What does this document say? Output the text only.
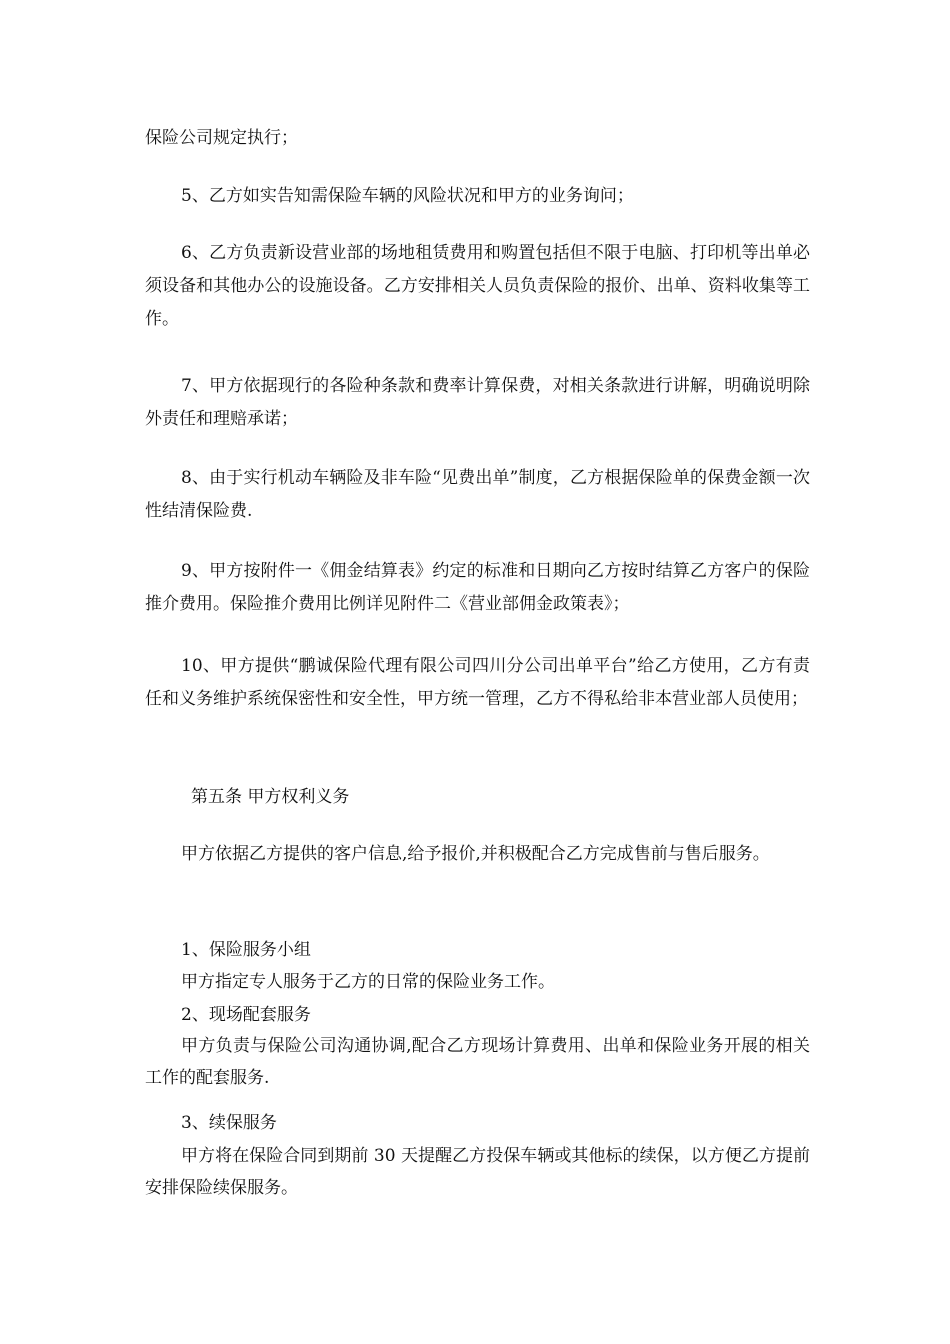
保险公司规定执行；

5、乙方如实告知需保险车辆的风险状况和甲方的业务询问；

6、乙方负责新设营业部的场地租赁费用和购置包括但不限于电脑、打印机等出单必须设备和其他办公的设施设备。乙方安排相关人员负责保险的报价、出单、资料收集等工作。

7、甲方依据现行的各险种条款和费率计算保费，对相关条款进行讲解，明确说明除外责任和理赔承诺；

8、由于实行机动车辆险及非车险“见费出单”制度，乙方根据保险单的保费金额一次性结清保险费.

9、甲方按附件一《佣金结算表》约定的标准和日期向乙方按时结算乙方客户的保险推介费用。保险推介费用比例详见附件二《营业部佣金政策表》；

10、甲方提供“鹏诚保险代理有限公司四川分公司出单平台”给乙方使用，乙方有责任和义务维护系统保密性和安全性，甲方统一管理，乙方不得私给非本营业部人员使用；

第五条 甲方权利义务

甲方依据乙方提供的客户信息,给予报价,并积极配合乙方完成售前与售后服务。

1、保险服务小组

甲方指定专人服务于乙方的日常的保险业务工作。

2、现场配套服务

甲方负责与保险公司沟通协调,配合乙方现场计算费用、出单和保险业务开展的相关工作的配套服务.

3、续保服务

甲方将在保险合同到期前 30 天提醒乙方投保车辆或其他标的续保，以方便乙方提前安排保险续保服务。
